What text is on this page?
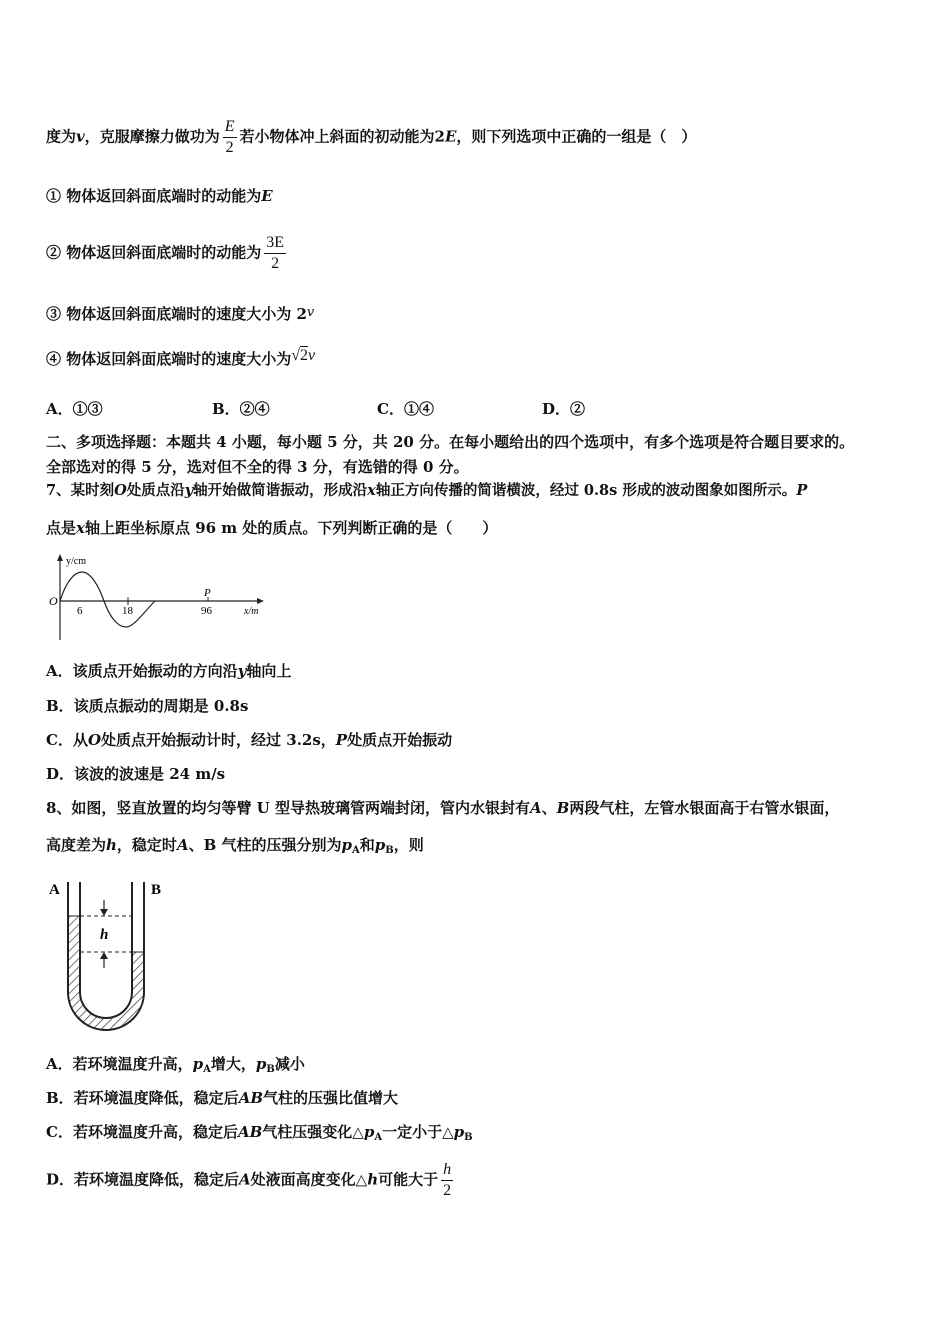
度为v，克服摩擦力做功为 $\frac{E}{2}$ 若小物体冲上斜面的初动能为2E，则下列选项中正确的一组是（　）
① 物体返回斜面底端时的动能为E
② 物体返回斜面底端时的动能为 $\frac{3E}{2}$
③ 物体返回斜面底端时的速度大小为 2v
④ 物体返回斜面底端时的速度大小为√2v
A．①③	B．②④	C．①④	D．②
二、多项选择题：本题共 4 小题，每小题 5 分，共 20 分。在每小题给出的四个选项中，有多个选项是符合题目要求的。
全部选对的得 5 分，选对但不全的得 3 分，有选错的得 0 分。
7、某时刻O处质点沿y轴开始做简谐振动，形成沿x轴正方向传播的简谐横波，经过 0.8s 形成的波动图象如图所示。P
点是x轴上距坐标原点 96 m 处的质点。下列判断正确的是（　　）
y/cm
O
6	18
P
96	x/m
A．该质点开始振动的方向沿y轴向上
B．该质点振动的周期是 0.8s
C．从O处质点开始振动计时，经过 3.2s，P处质点开始振动
D．该波的波速是 24 m/s
8、如图，竖直放置的均匀等臂 U 型导热玻璃管两端封闭，管内水银封有A、B两段气柱，左管水银面高于右管水银面，
高度差为h，稳定时A、B 气柱的压强分别为$p_A$和$p_B$，则
A	B
h
A．若环境温度升高，$p_A$增大，$p_B$减小
B．若环境温度降低，稳定后AB气柱的压强比值增大
C．若环境温度升高，稳定后AB气柱压强变化$\triangle p_A$一定小于$\triangle p_B$
D．若环境温度降低，稳定后A处液面高度变化△h可能大于 $\frac{h}{2}$
